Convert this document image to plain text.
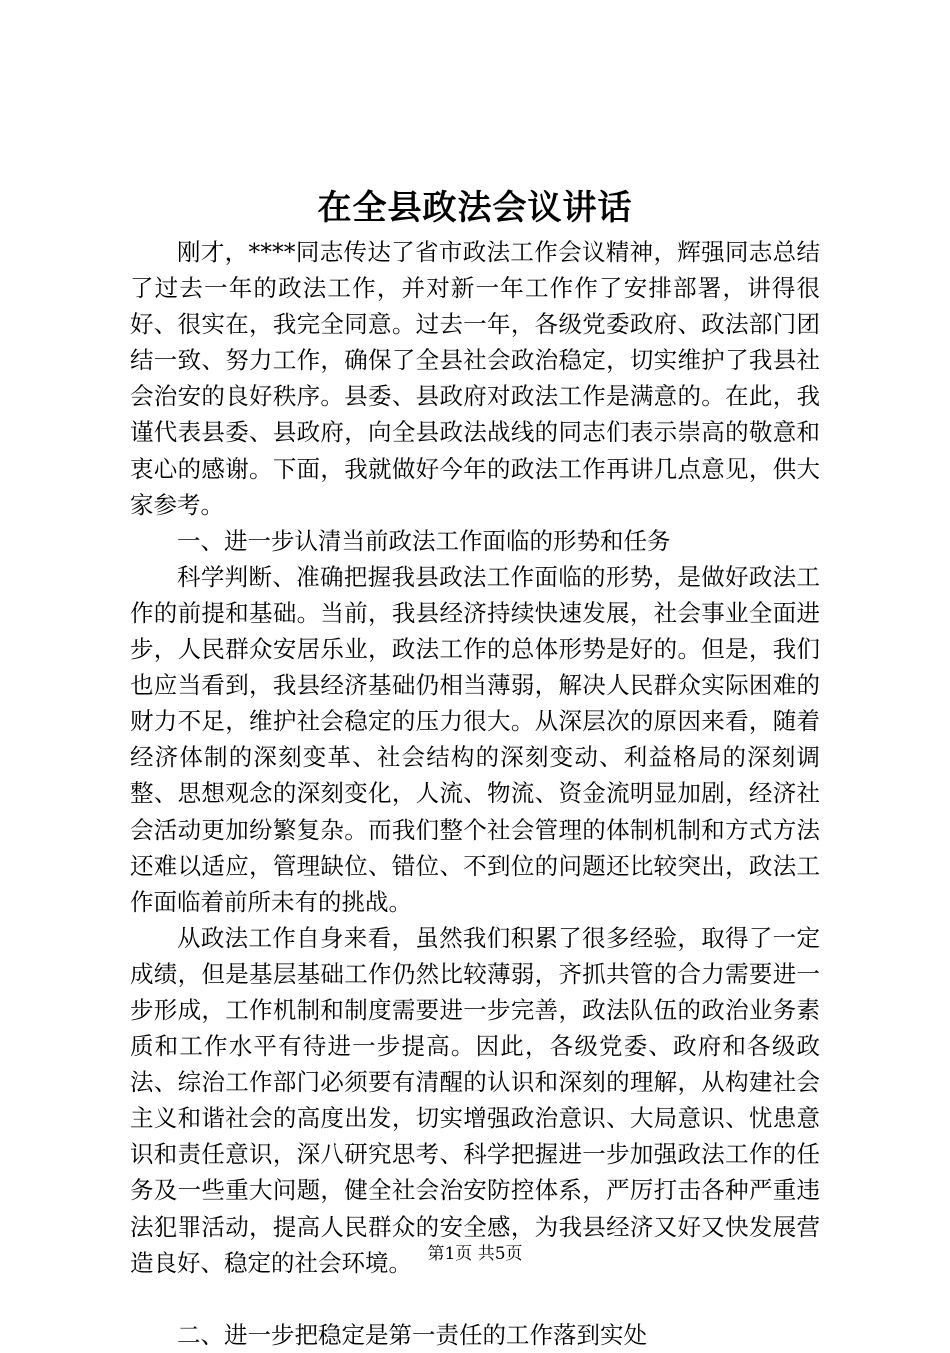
在全县政法会议讲话

刚才，****同志传达了省市政法工作会议精神，辉强同志总结了过去一年的政法工作，并对新一年工作作了安排部署，讲得很好、很实在，我完全同意。过去一年，各级党委政府、政法部门团结一致、努力工作，确保了全县社会政治稳定，切实维护了我县社会治安的良好秩序。县委、县政府对政法工作是满意的。在此，我谨代表县委、县政府，向全县政法战线的同志们表示崇高的敬意和衷心的感谢。下面，我就做好今年的政法工作再讲几点意见，供大家参考。

一、进一步认清当前政法工作面临的形势和任务

科学判断、准确把握我县政法工作面临的形势，是做好政法工作的前提和基础。当前，我县经济持续快速发展，社会事业全面进步，人民群众安居乐业，政法工作的总体形势是好的。但是，我们也应当看到，我县经济基础仍相当薄弱，解决人民群众实际困难的财力不足，维护社会稳定的压力很大。从深层次的原因来看，随着经济体制的深刻变革、社会结构的深刻变动、利益格局的深刻调整、思想观念的深刻变化，人流、物流、资金流明显加剧，经济社会活动更加纷繁复杂。而我们整个社会管理的体制机制和方式方法还难以适应，管理缺位、错位、不到位的问题还比较突出，政法工作面临着前所未有的挑战。

从政法工作自身来看，虽然我们积累了很多经验，取得了一定成绩，但是基层基础工作仍然比较薄弱，齐抓共管的合力需要进一步形成，工作机制和制度需要进一步完善，政法队伍的政治业务素质和工作水平有待进一步提高。因此，各级党委、政府和各级政法、综治工作部门必须要有清醒的认识和深刻的理解，从构建社会主义和谐社会的高度出发，切实增强政治意识、大局意识、忧患意识和责任意识，深八研究思考、科学把握进一步加强政法工作的任务及一些重大问题，健全社会治安防控体系，严厉打击各种严重违法犯罪活动，提高人民群众的安全感，为我县经济又好又快发展营造良好、稳定的社会环境。

二、进一步把稳定是第一责任的工作落到实处

第1页 共5页
